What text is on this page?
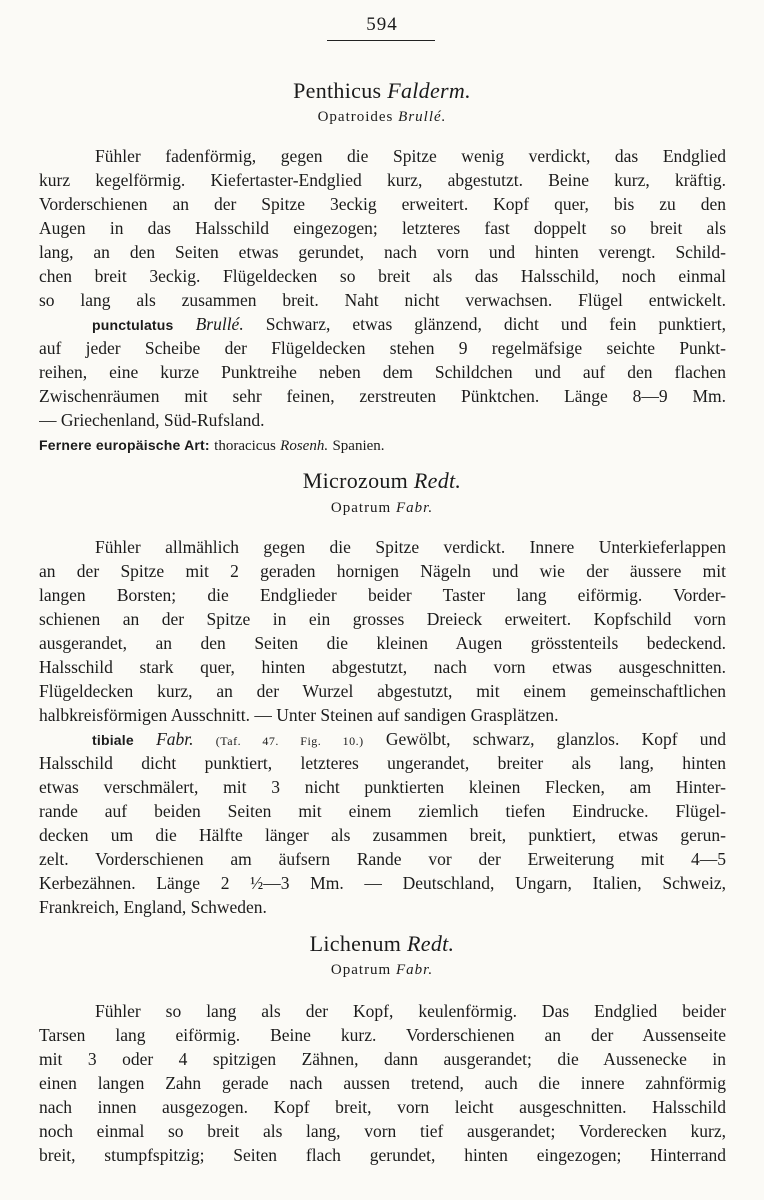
594
Penthicus Falderm.
Opatroides Brullé.
Fühler fadenförmig, gegen die Spitze wenig verdickt, das Endglied
kurz kegelförmig. Kiefertaster-Endglied kurz, abgestutzt. Beine kurz, kräftig.
Vorderschienen an der Spitze 3eckig erweitert. Kopf quer, bis zu den
Augen in das Halsschild eingezogen; letzteres fast doppelt so breit als
lang, an den Seiten etwas gerundet, nach vorn und hinten verengt. Schild-
chen breit 3eckig. Flügeldecken so breit als das Halsschild, noch einmal
so lang als zusammen breit. Naht nicht verwachsen. Flügel entwickelt.
punctulatus Brullé. Schwarz, etwas glänzend, dicht und fein punktiert,
auf jeder Scheibe der Flügeldecken stehen 9 regelmäfsige seichte Punkt-
reihen, eine kurze Punktreihe neben dem Schildchen und auf den flachen
Zwischenräumen mit sehr feinen, zerstreuten Pünktchen. Länge 8—9 Mm.
— Griechenland, Süd-Rufsland.
Fernere europäische Art: thoracicus Rosenh. Spanien.
Microzoum Redt.
Opatrum Fabr.
Fühler allmählich gegen die Spitze verdickt. Innere Unterkieferlappen
an der Spitze mit 2 geraden hornigen Nägeln und wie der äussere mit
langen Borsten; die Endglieder beider Taster lang eiförmig. Vorder-
schienen an der Spitze in ein grosses Dreieck erweitert. Kopfschild vorn
ausgerandet, an den Seiten die kleinen Augen grösstenteils bedeckend.
Halsschild stark quer, hinten abgestutzt, nach vorn etwas ausgeschnitten.
Flügeldecken kurz, an der Wurzel abgestutzt, mit einem gemeinschaftlichen
halbkreisförmigen Ausschnitt. — Unter Steinen auf sandigen Grasplätzen.
tibiale Fabr. (Taf. 47. Fig. 10.) Gewölbt, schwarz, glanzlos. Kopf und
Halsschild dicht punktiert, letzteres ungerandet, breiter als lang, hinten
etwas verschmälert, mit 3 nicht punktierten kleinen Flecken, am Hinter-
rande auf beiden Seiten mit einem ziemlich tiefen Eindrucke. Flügel-
decken um die Hälfte länger als zusammen breit, punktiert, etwas gerun-
zelt. Vorderschienen am äufsern Rande vor der Erweiterung mit 4—5
Kerbezähnen. Länge 2 ½—3 Mm. — Deutschland, Ungarn, Italien, Schweiz,
Frankreich, England, Schweden.
Lichenum Redt.
Opatrum Fabr.
Fühler so lang als der Kopf, keulenförmig. Das Endglied beider
Tarsen lang eiförmig. Beine kurz. Vorderschienen an der Aussenseite
mit 3 oder 4 spitzigen Zähnen, dann ausgerandet; die Aussenecke in
einen langen Zahn gerade nach aussen tretend, auch die innere zahnförmig
nach innen ausgezogen. Kopf breit, vorn leicht ausgeschnitten. Halsschild
noch einmal so breit als lang, vorn tief ausgerandet; Vorderecken kurz,
breit, stumpfspitzig; Seiten flach gerundet, hinten eingezogen; Hinterrand
